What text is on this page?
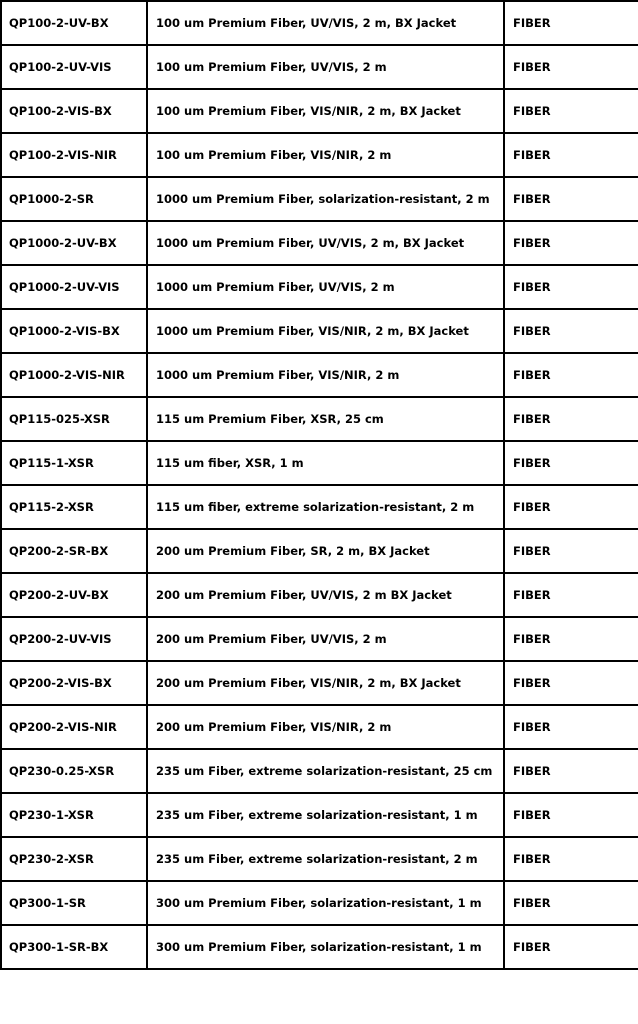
QP100-2-UV-BX	100 um Premium Fiber, UV/VIS, 2 m, BX Jacket	FIBER
QP100-2-UV-VIS	100 um Premium Fiber, UV/VIS, 2 m	FIBER
QP100-2-VIS-BX	100 um Premium Fiber, VIS/NIR, 2 m, BX Jacket	FIBER
QP100-2-VIS-NIR	100 um Premium Fiber, VIS/NIR, 2 m	FIBER
QP1000-2-SR	1000 um Premium Fiber, solarization-resistant, 2 m	FIBER
QP1000-2-UV-BX	1000 um Premium Fiber, UV/VIS, 2 m, BX Jacket	FIBER
QP1000-2-UV-VIS	1000 um Premium Fiber, UV/VIS, 2 m	FIBER
QP1000-2-VIS-BX	1000 um Premium Fiber, VIS/NIR, 2 m, BX Jacket	FIBER
QP1000-2-VIS-NIR	1000 um Premium Fiber, VIS/NIR, 2 m	FIBER
QP115-025-XSR	115 um Premium Fiber, XSR, 25 cm	FIBER
QP115-1-XSR	115 um fiber, XSR, 1 m	FIBER
QP115-2-XSR	115 um fiber, extreme solarization-resistant, 2 m	FIBER
QP200-2-SR-BX	200 um Premium Fiber, SR, 2 m, BX Jacket	FIBER
QP200-2-UV-BX	200 um Premium Fiber, UV/VIS, 2 m BX Jacket	FIBER
QP200-2-UV-VIS	200 um Premium Fiber, UV/VIS, 2 m	FIBER
QP200-2-VIS-BX	200 um Premium Fiber, VIS/NIR, 2 m, BX Jacket	FIBER
QP200-2-VIS-NIR	200 um Premium Fiber, VIS/NIR, 2 m	FIBER
QP230-0.25-XSR	235 um Fiber, extreme solarization-resistant, 25 cm	FIBER
QP230-1-XSR	235 um Fiber, extreme solarization-resistant, 1 m	FIBER
QP230-2-XSR	235 um Fiber, extreme solarization-resistant, 2 m	FIBER
QP300-1-SR	300 um Premium Fiber, solarization-resistant, 1 m	FIBER
QP300-1-SR-BX	300 um Premium Fiber, solarization-resistant, 1 m	FIBER
